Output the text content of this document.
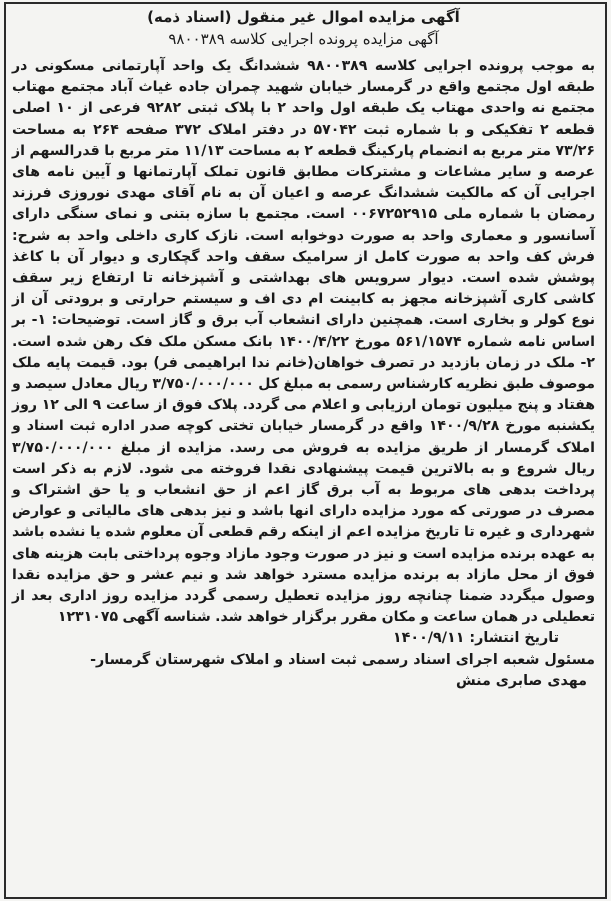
آگهی مزایده اموال غیر منقول (اسناد ذمه)
آگهی مزایده پرونده اجرایی کلاسه ۹۸۰۰۳۸۹
به موجب پرونده اجرایی کلاسه ۹۸۰۰۳۸۹ ششدانگ یک واحد آپارتمانی مسکونی در طبقه اول مجتمع واقع در گرمسار خیابان شهید چمران جاده غیاث آباد مجتمع مهتاب مجتمع نه واحدی مهتاب یک طبقه اول واحد ۲ با پلاک ثبتی ۹۲۸۲ فرعی از ۱۰ اصلی قطعه ۲ تفکیکی و با شماره ثبت ۵۷۰۴۲ در دفتر املاک ۳۷۲ صفحه ۲۶۴ به مساحت ۷۳/۲۶ متر مربع به انضمام پارکینگ قطعه ۲ به مساحت ۱۱/۱۳ متر مربع با قدرالسهم از عرصه و سایر مشاعات و مشترکات مطابق قانون تملک آپارتمانها و آیین نامه های اجرایی آن که مالکیت ششدانگ عرصه و اعیان آن به نام آقای مهدی نوروزی فرزند رمضان با شماره ملی ۰۰۶۷۲۵۲۹۱۵ است. مجتمع با سازه بتنی و نمای سنگی دارای آسانسور و معماری واحد به صورت دوخوابه است. نازک کاری داخلی واحد به شرح: فرش کف واحد به صورت کامل از سرامیک سقف واحد گچکاری و دیوار آن با کاغذ پوشش شده است. دیوار سرویس های بهداشتی و آشپزخانه تا ارتفاع زیر سقف کاشی کاری آشپزخانه مجهز به کابینت ام دی اف و سیستم حرارتی و برودتی آن از نوع کولر و بخاری است. همچنین دارای انشعاب آب برق و گاز است. توضیحات: ۱- بر اساس نامه شماره ۵۶۱/۱۵۷۴ مورخ ۱۴۰۰/۴/۲۲ بانک مسکن ملک فک رهن شده است. ۲- ملک در زمان بازدید در تصرف خواهان(خانم ندا ابراهیمی فر) بود. قیمت پایه ملک موصوف طبق نظریه کارشناس رسمی به مبلغ کل ۳/۷۵۰/۰۰۰/۰۰۰ ریال معادل سیصد و هفتاد و پنج میلیون تومان ارزیابی و اعلام می گردد. پلاک فوق از ساعت ۹ الی ۱۲ روز یکشنبه مورخ ۱۴۰۰/۹/۲۸ واقع در گرمسار خیابان تختی کوچه صدر اداره ثبت اسناد و املاک گرمسار از طریق مزایده به فروش می رسد. مزایده از مبلغ ۳/۷۵۰/۰۰۰/۰۰۰ ریال شروع و به بالاترین قیمت پیشنهادی نقدا فروخته می شود. لازم به ذکر است پرداخت بدهی های مربوط به آب برق گاز اعم از حق انشعاب و یا حق اشتراک و مصرف در صورتی که مورد مزایده دارای انها باشد و نیز بدهی های مالیاتی و عوارض شهرداری و غیره تا تاریخ مزایده اعم از اینکه رقم قطعی آن معلوم شده یا نشده باشد به عهده برنده مزایده است و نیز در صورت وجود مازاد وجوه پرداختی بابت هزینه های فوق از محل مازاد به برنده مزایده مسترد خواهد شد و نیم عشر و حق مزایده نقدا وصول میگردد ضمنا چنانچه روز مزایده تعطیل رسمی گردد مزایده روز اداری بعد از تعطیلی در همان ساعت و مکان مقرر برگزار خواهد شد. شناسه آگهی ۱۲۳۱۰۷۵
تاریخ انتشار: ۱۴۰۰/۹/۱۱
مسئول شعبه اجرای اسناد رسمی ثبت اسناد و املاک شهرستان گرمسار-
مهدی صابری منش
